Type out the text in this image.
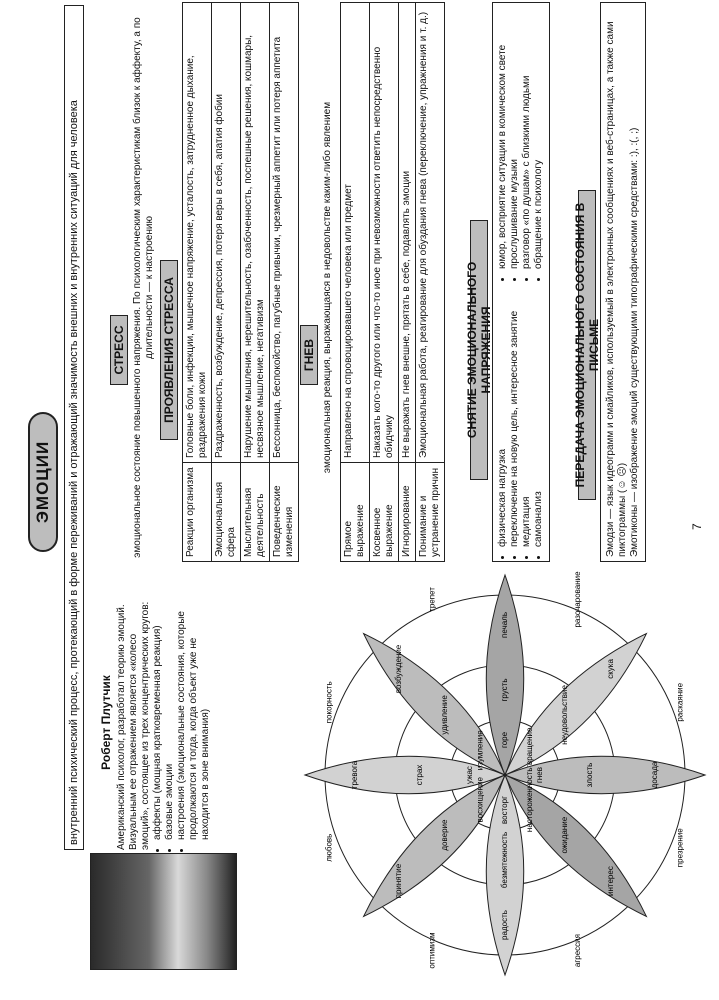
ЭМОЦИИ	внутренний психический процесс, протекающий в форме переживаний и отражающий значимость внешних и внутренних ситуаций для человека	Роберт Плутчик Американский психолог, разработал теорию эмоций. Визуальным ее отражением является «колесо эмоций», состоящее из трех концентрических кругов: • аффекты (мощная кратковременная реакция) • базовые эмоции • настроения (эмоциональные состояния, которые продолжаются и тогда, когда объект уже не находится в зоне внимания)	ужас
страх
тревога
изумление
удивление
возбуждение
горе
грусть
печаль
отвращение
неудовольствие
скука
гнев	злость	досада
настороженность
ожидание
интерес
восторг
безмятежность
радость
восхищение
доверие
принятие
покорность
трепет	разочарование
раскаяние
презрение
агрессия
оптимизм
любовь
СТРЕСС эмоциональное состояние повышенного напряжения. По психологическим характеристикам близок к аффекту, а по длительности — к настроению ПРОЯВЛЕНИЯ СТРЕССА
Реакции организма	Головные боли, инфекции, мышечное напряжение, усталость, затрудненное дыхание, раздражения кожи
Эмоциональная сфера	Раздраженность, возбуждение, депрессия, потеря веры в себя, апатия фобии
Мыслительная деятельность	Нарушение мышления, нерешительность, озабоченность, поспешные решения, кошмары, несвязное мышление, негативизм
Поведенческие изменения	Бессонница, беспокойство, пагубные привычки, чрезмерный аппетит или потеря аппетита ГНЕВ эмоциональная реакция, выражающаяся в недовольстве каким-либо явлением
Прямое выражение	Направлено на спровоцировавшего человека или предмет
Косвенное выражение	Наказать кого-то другого или что-то иное при невозможности ответить непосредственно обидчику
Игнорирование	Не выражать гнев внешне, прятать в себе, подавлять эмоции
Понимание и устранение причин	Эмоциональная работа, реагирование для обуздания гнева (переключение, упражнения и т. д.)	СНЯТИЕ ЭМОЦИОНАЛЬНОГО НАПРЯЖЕНИЯ
• физическая нагрузка • переключение на новую цель, интересное занятие • медитация • самоанализ
• юмор, восприятие ситуации в комическом свете • прослушивание музыки • разговор «по душам» с близкими людьми • обращение к психологу ПЕРЕДАЧА ЭМОЦИОНАЛЬНОГО СОСТОЯНИЯ В ПИСЬМЕ Эмодзи — язык идеограмм и смайликов, используемый в электронных сообщениях и веб-страницах, а также сами пиктограммы (☺ ☹) Эмотиконы — изображение эмоций существующими типографическими средствами: :), :(, ;)	7
